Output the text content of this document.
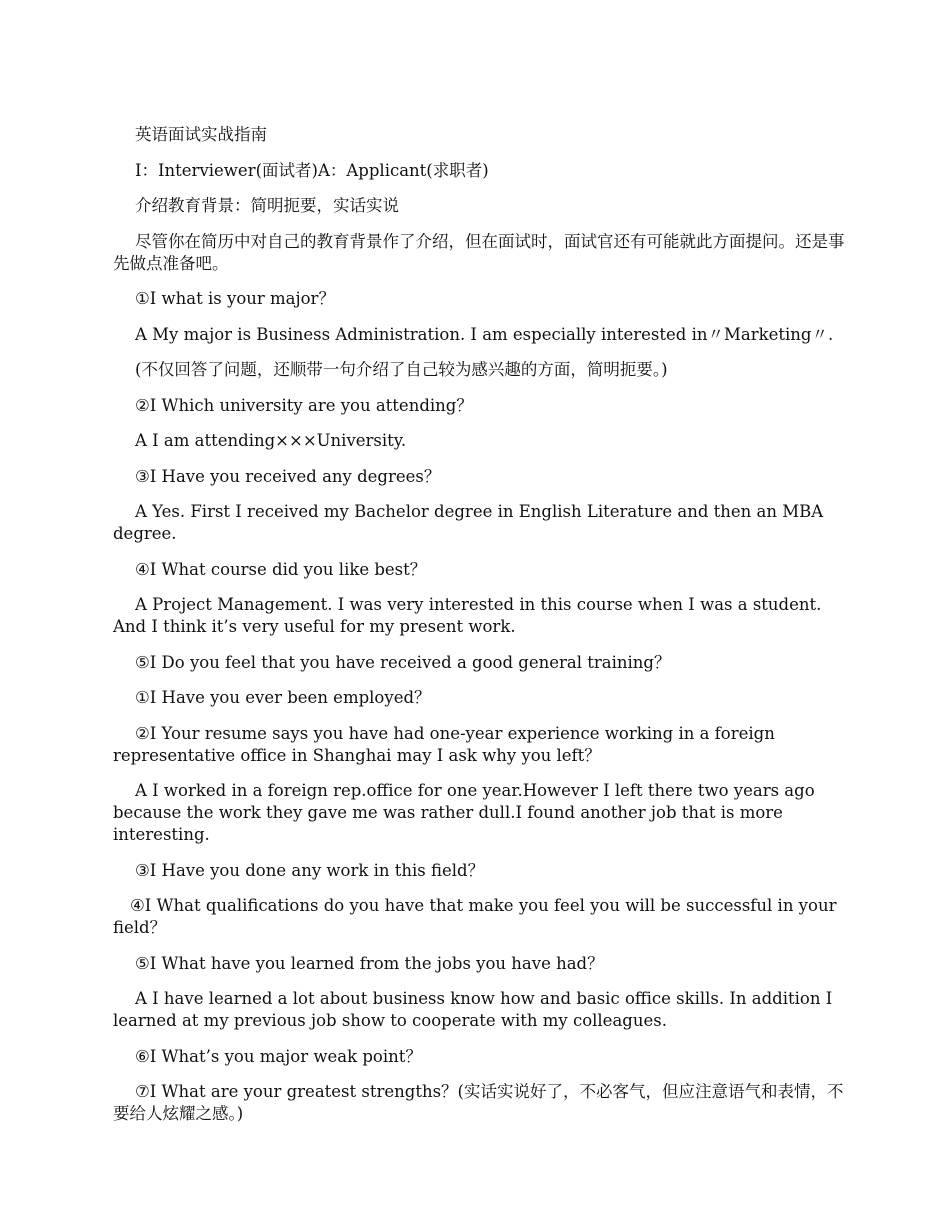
英语面试实战指南

I：Interviewer(面试者)A：Applicant(求职者)

介绍教育背景：简明扼要，实话实说

尽管你在简历中对自己的教育背景作了介绍，但在面试时，面试官还有可能就此方面提问。还是事先做点准备吧。

①I what is your major？

A My major is Business Administration. I am especially interested in〃Marketing〃.

(不仅回答了问题，还顺带一句介绍了自己较为感兴趣的方面，简明扼要。)

②I Which university are you attending？

A I am attending×××University.

③I Have you received any degrees？

A Yes. First I received my Bachelor degree in English Literature and then an MBA degree.

④I What course did you like best？

A Project Management. I was very interested in this course when I was a student. And I think it’s very useful for my present work.

⑤I Do you feel that you have received a good general training？

①I Have you ever been employed？

②I Your resume says you have had one-year experience working in a foreign representative office in Shanghai may I ask why you left？

A I worked in a foreign rep.office for one year.However I left there two years ago because the work they gave me was rather dull.I found another job that is more interesting.

③I Have you done any work in this field？

④I What qualifications do you have that make you feel you will be successful in your field？

⑤I What have you learned from the jobs you have had？

A I have learned a lot about business know how and basic office skills. In addition I learned at my previous job show to cooperate with my colleagues.

⑥I What’s you major weak point？

⑦I What are your greatest strengths？(实话实说好了，不必客气，但应注意语气和表情，不要给人炫耀之感。)
